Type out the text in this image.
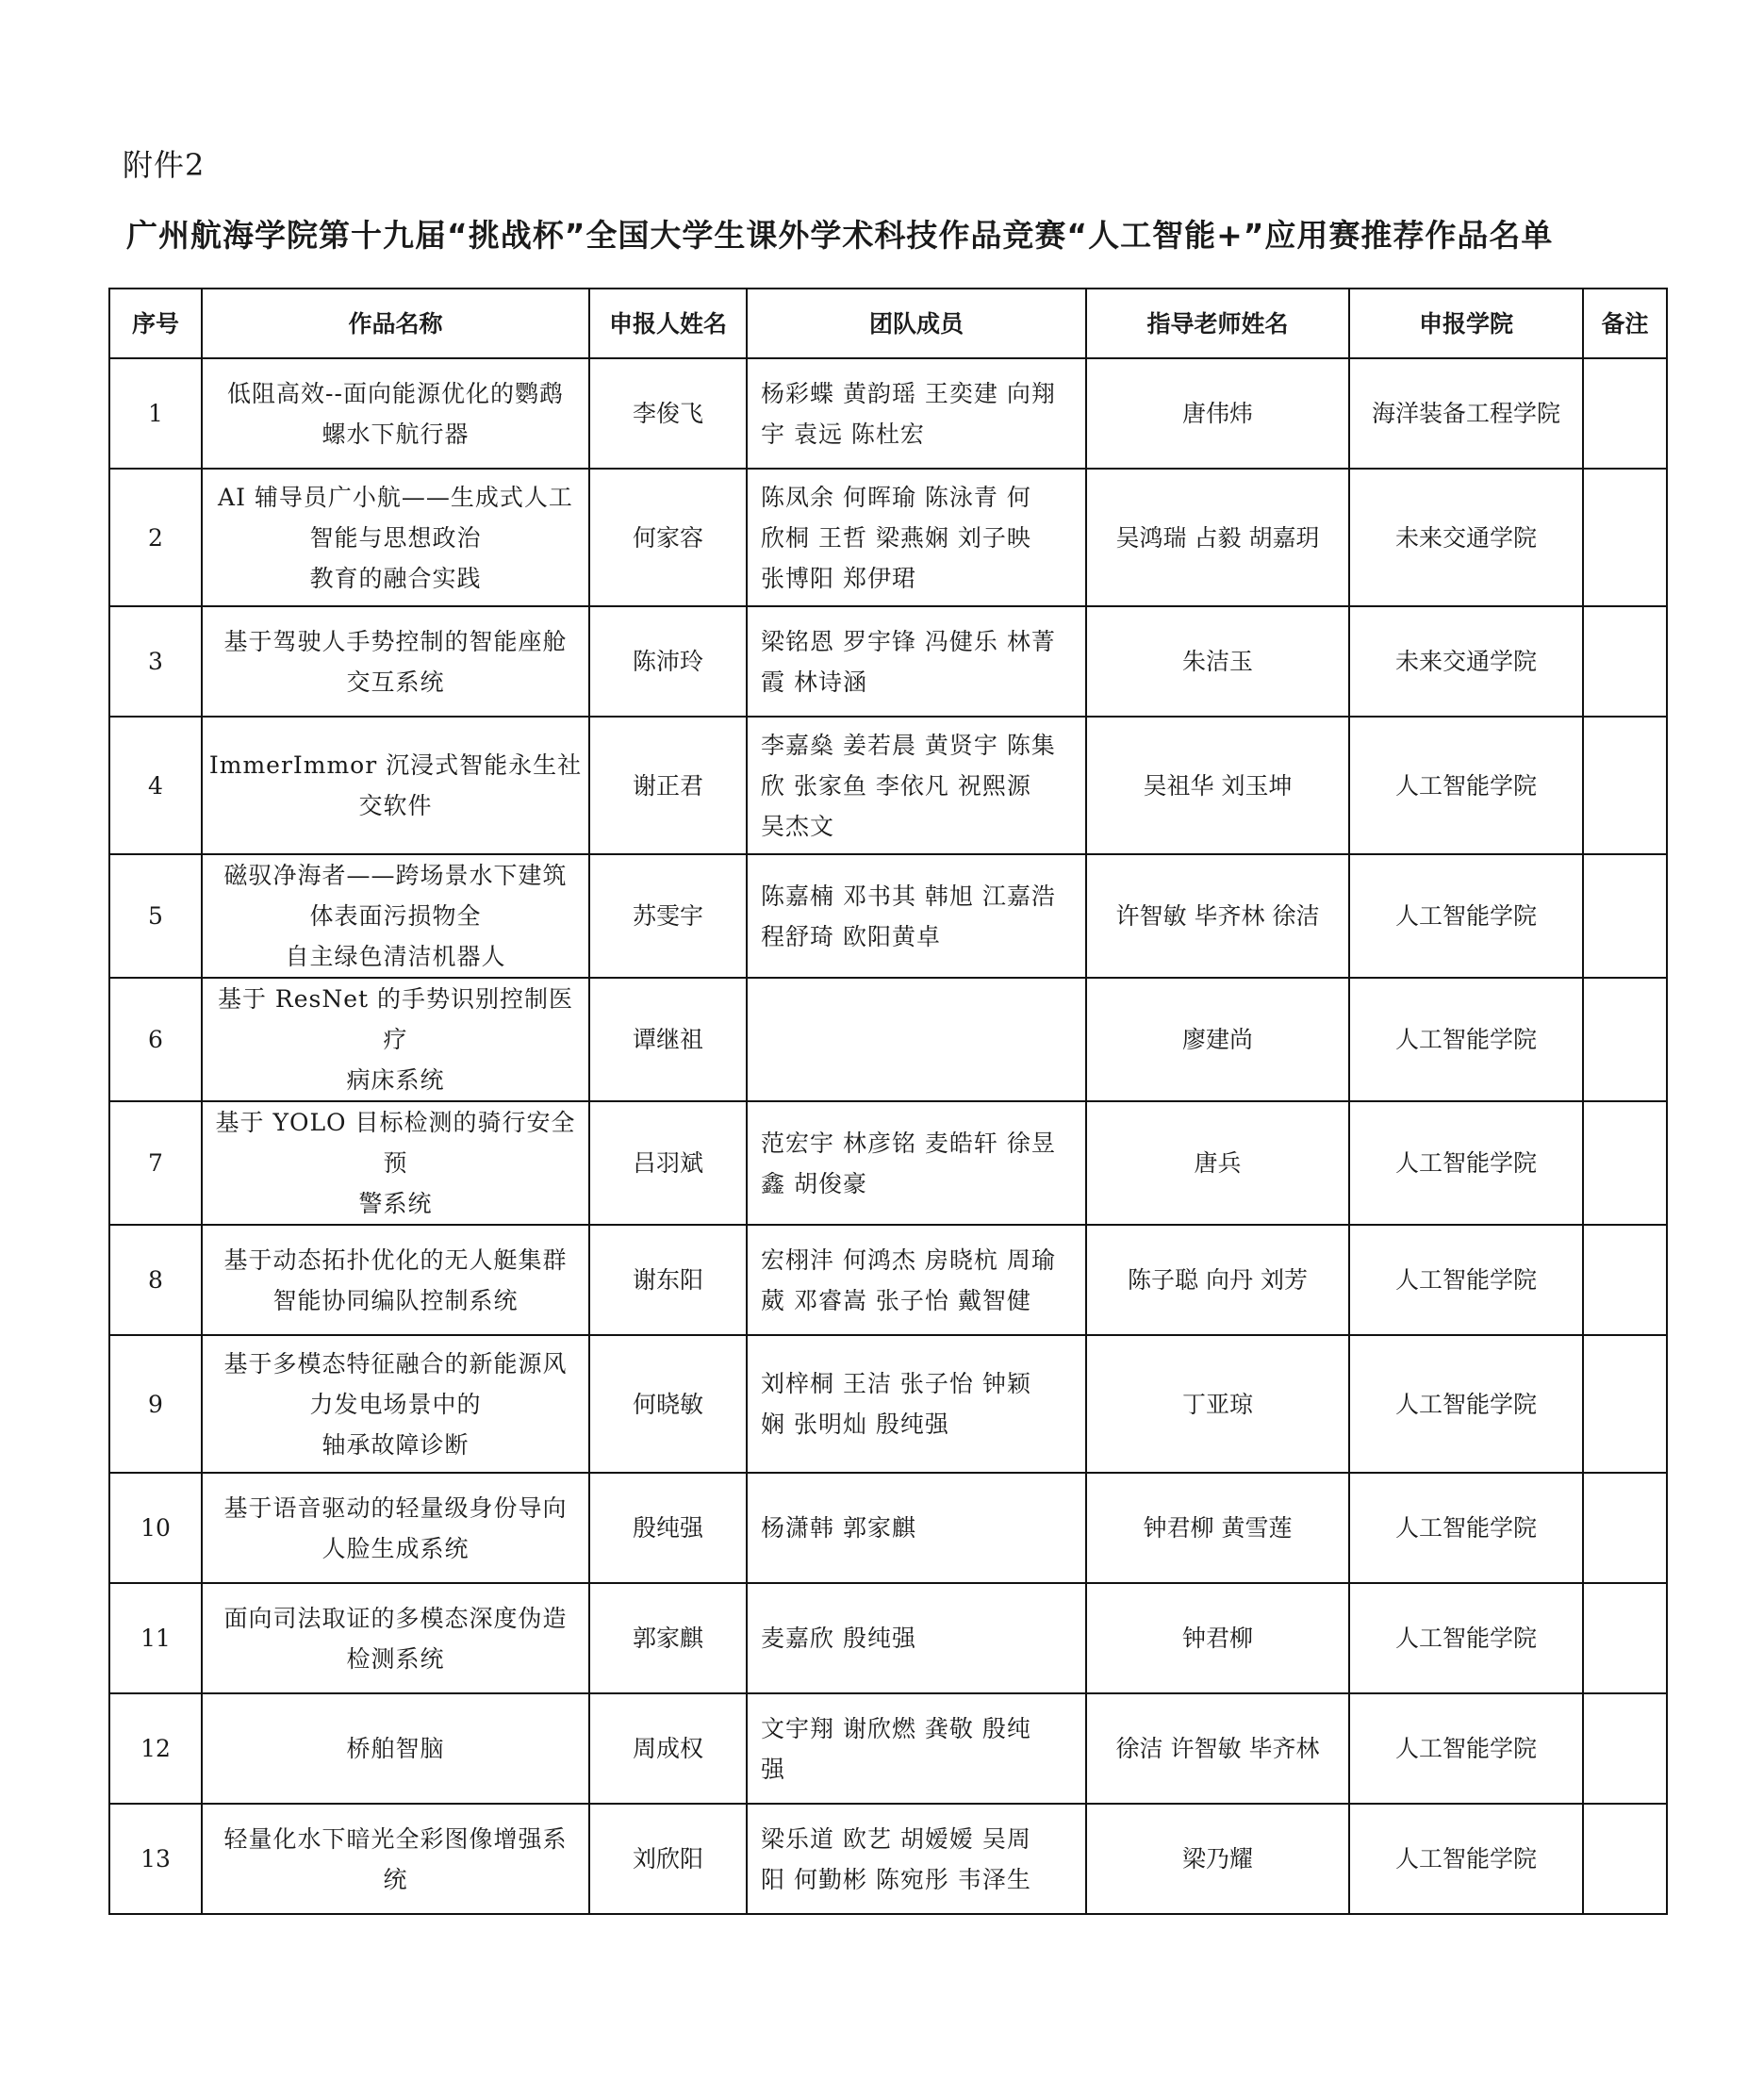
附件2
广州航海学院第十九届“挑战杯”全国大学生课外学术科技作品竞赛“人工智能+”应用赛推荐作品名单
序号	作品名称	申报人姓名	团队成员	指导老师姓名	申报学院	备注
1	低阻高效--面向能源优化的鹦鹉
螺水下航行器	李俊飞	杨彩蝶 黄韵瑶 王奕建 向翔
宇 袁远 陈杜宏	唐伟炜	海洋装备工程学院	
2	AI 辅导员广小航——生成式人工
智能与思想政治
教育的融合实践	何家容	陈凤余 何晖瑜 陈泳青 何
欣桐 王哲 梁燕娴 刘子映
张博阳 郑伊珺	吴鸿瑞 占毅 胡嘉玥	未来交通学院	
3	基于驾驶人手势控制的智能座舱
交互系统	陈沛玲	梁铭恩 罗宇锋 冯健乐 林菁
霞 林诗涵	朱洁玉	未来交通学院	
4	ImmerImmor 沉浸式智能永生社
交软件	谢正君	李嘉燊 姜若晨 黄贤宇 陈集
欣 张家鱼 李依凡 祝熙源
吴杰文	吴祖华 刘玉坤	人工智能学院	
5	磁驭净海者——跨场景水下建筑
体表面污损物全
自主绿色清洁机器人	苏雯宇	陈嘉楠 邓书其 韩旭 江嘉浩
程舒琦 欧阳黄卓	许智敏 毕齐林 徐洁	人工智能学院	
6	基于 ResNet 的手势识别控制医疗
病床系统	谭继祖		廖建尚	人工智能学院	
7	基于 YOLO 目标检测的骑行安全预
警系统	吕羽斌	范宏宇 林彦铭 麦皓轩 徐昱
鑫 胡俊豪	唐兵	人工智能学院	
8	基于动态拓扑优化的无人艇集群
智能协同编队控制系统	谢东阳	宏栩沣 何鸿杰 房晓杭 周瑜
葳 邓睿嵩 张子怡 戴智健	陈子聪 向丹 刘芳	人工智能学院	
9	基于多模态特征融合的新能源风
力发电场景中的
轴承故障诊断	何晓敏	刘梓桐 王洁 张子怡 钟颖
娴 张明灿 殷纯强	丁亚琼	人工智能学院	
10	基于语音驱动的轻量级身份导向
人脸生成系统	殷纯强	杨潇韩 郭家麒	钟君柳 黄雪莲	人工智能学院	
11	面向司法取证的多模态深度伪造
检测系统	郭家麒	麦嘉欣 殷纯强	钟君柳	人工智能学院	
12	桥舶智脑	周成权	文宇翔 谢欣燃 龚敬 殷纯
强	徐洁 许智敏 毕齐林	人工智能学院	
13	轻量化水下暗光全彩图像增强系
统	刘欣阳	梁乐道 欧艺 胡嫒嫒 吴周
阳 何勤彬 陈宛彤 韦泽生	梁乃耀	人工智能学院	
